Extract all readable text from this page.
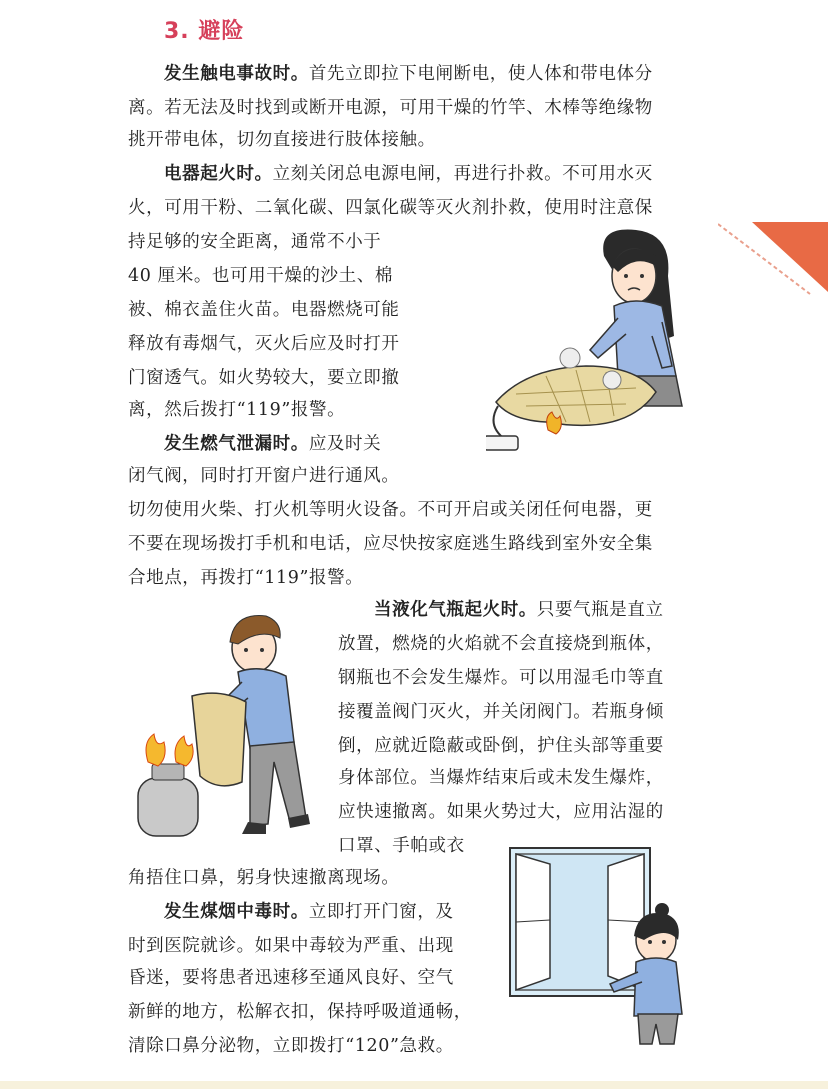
3. 避险
发生触电事故时。首先立即拉下电闸断电，使人体和带电体分
离。若无法及时找到或断开电源，可用干燥的竹竿、木棒等绝缘物
挑开带电体，切勿直接进行肢体接触。
电器起火时。立刻关闭总电源电闸，再进行扑救。不可用水灭
火，可用干粉、二氧化碳、四氯化碳等灭火剂扑救，使用时注意保
持足够的安全距离，通常不小于
40 厘米。也可用干燥的沙土、棉
被、棉衣盖住火苗。电器燃烧可能
释放有毒烟气，灭火后应及时打开
门窗透气。如火势较大，要立即撤
离，然后拨打“119”报警。
发生燃气泄漏时。应及时关
闭气阀，同时打开窗户进行通风。
切勿使用火柴、打火机等明火设备。不可开启或关闭任何电器，更
不要在现场拨打手机和电话，应尽快按家庭逃生路线到室外安全集
合地点，再拨打“119”报警。
当液化气瓶起火时。只要气瓶是直立
放置，燃烧的火焰就不会直接烧到瓶体，
钢瓶也不会发生爆炸。可以用湿毛巾等直
接覆盖阀门灭火，并关闭阀门。若瓶身倾
倒，应就近隐蔽或卧倒，护住头部等重要
身体部位。当爆炸结束后或未发生爆炸，
应快速撤离。如果火势过大，应用沾湿的
口罩、手帕或衣
角捂住口鼻，躬身快速撤离现场。
发生煤烟中毒时。立即打开门窗，及
时到医院就诊。如果中毒较为严重、出现
昏迷，要将患者迅速移至通风良好、空气
新鲜的地方，松解衣扣，保持呼吸道通畅，
清除口鼻分泌物，立即拨打“120”急救。
